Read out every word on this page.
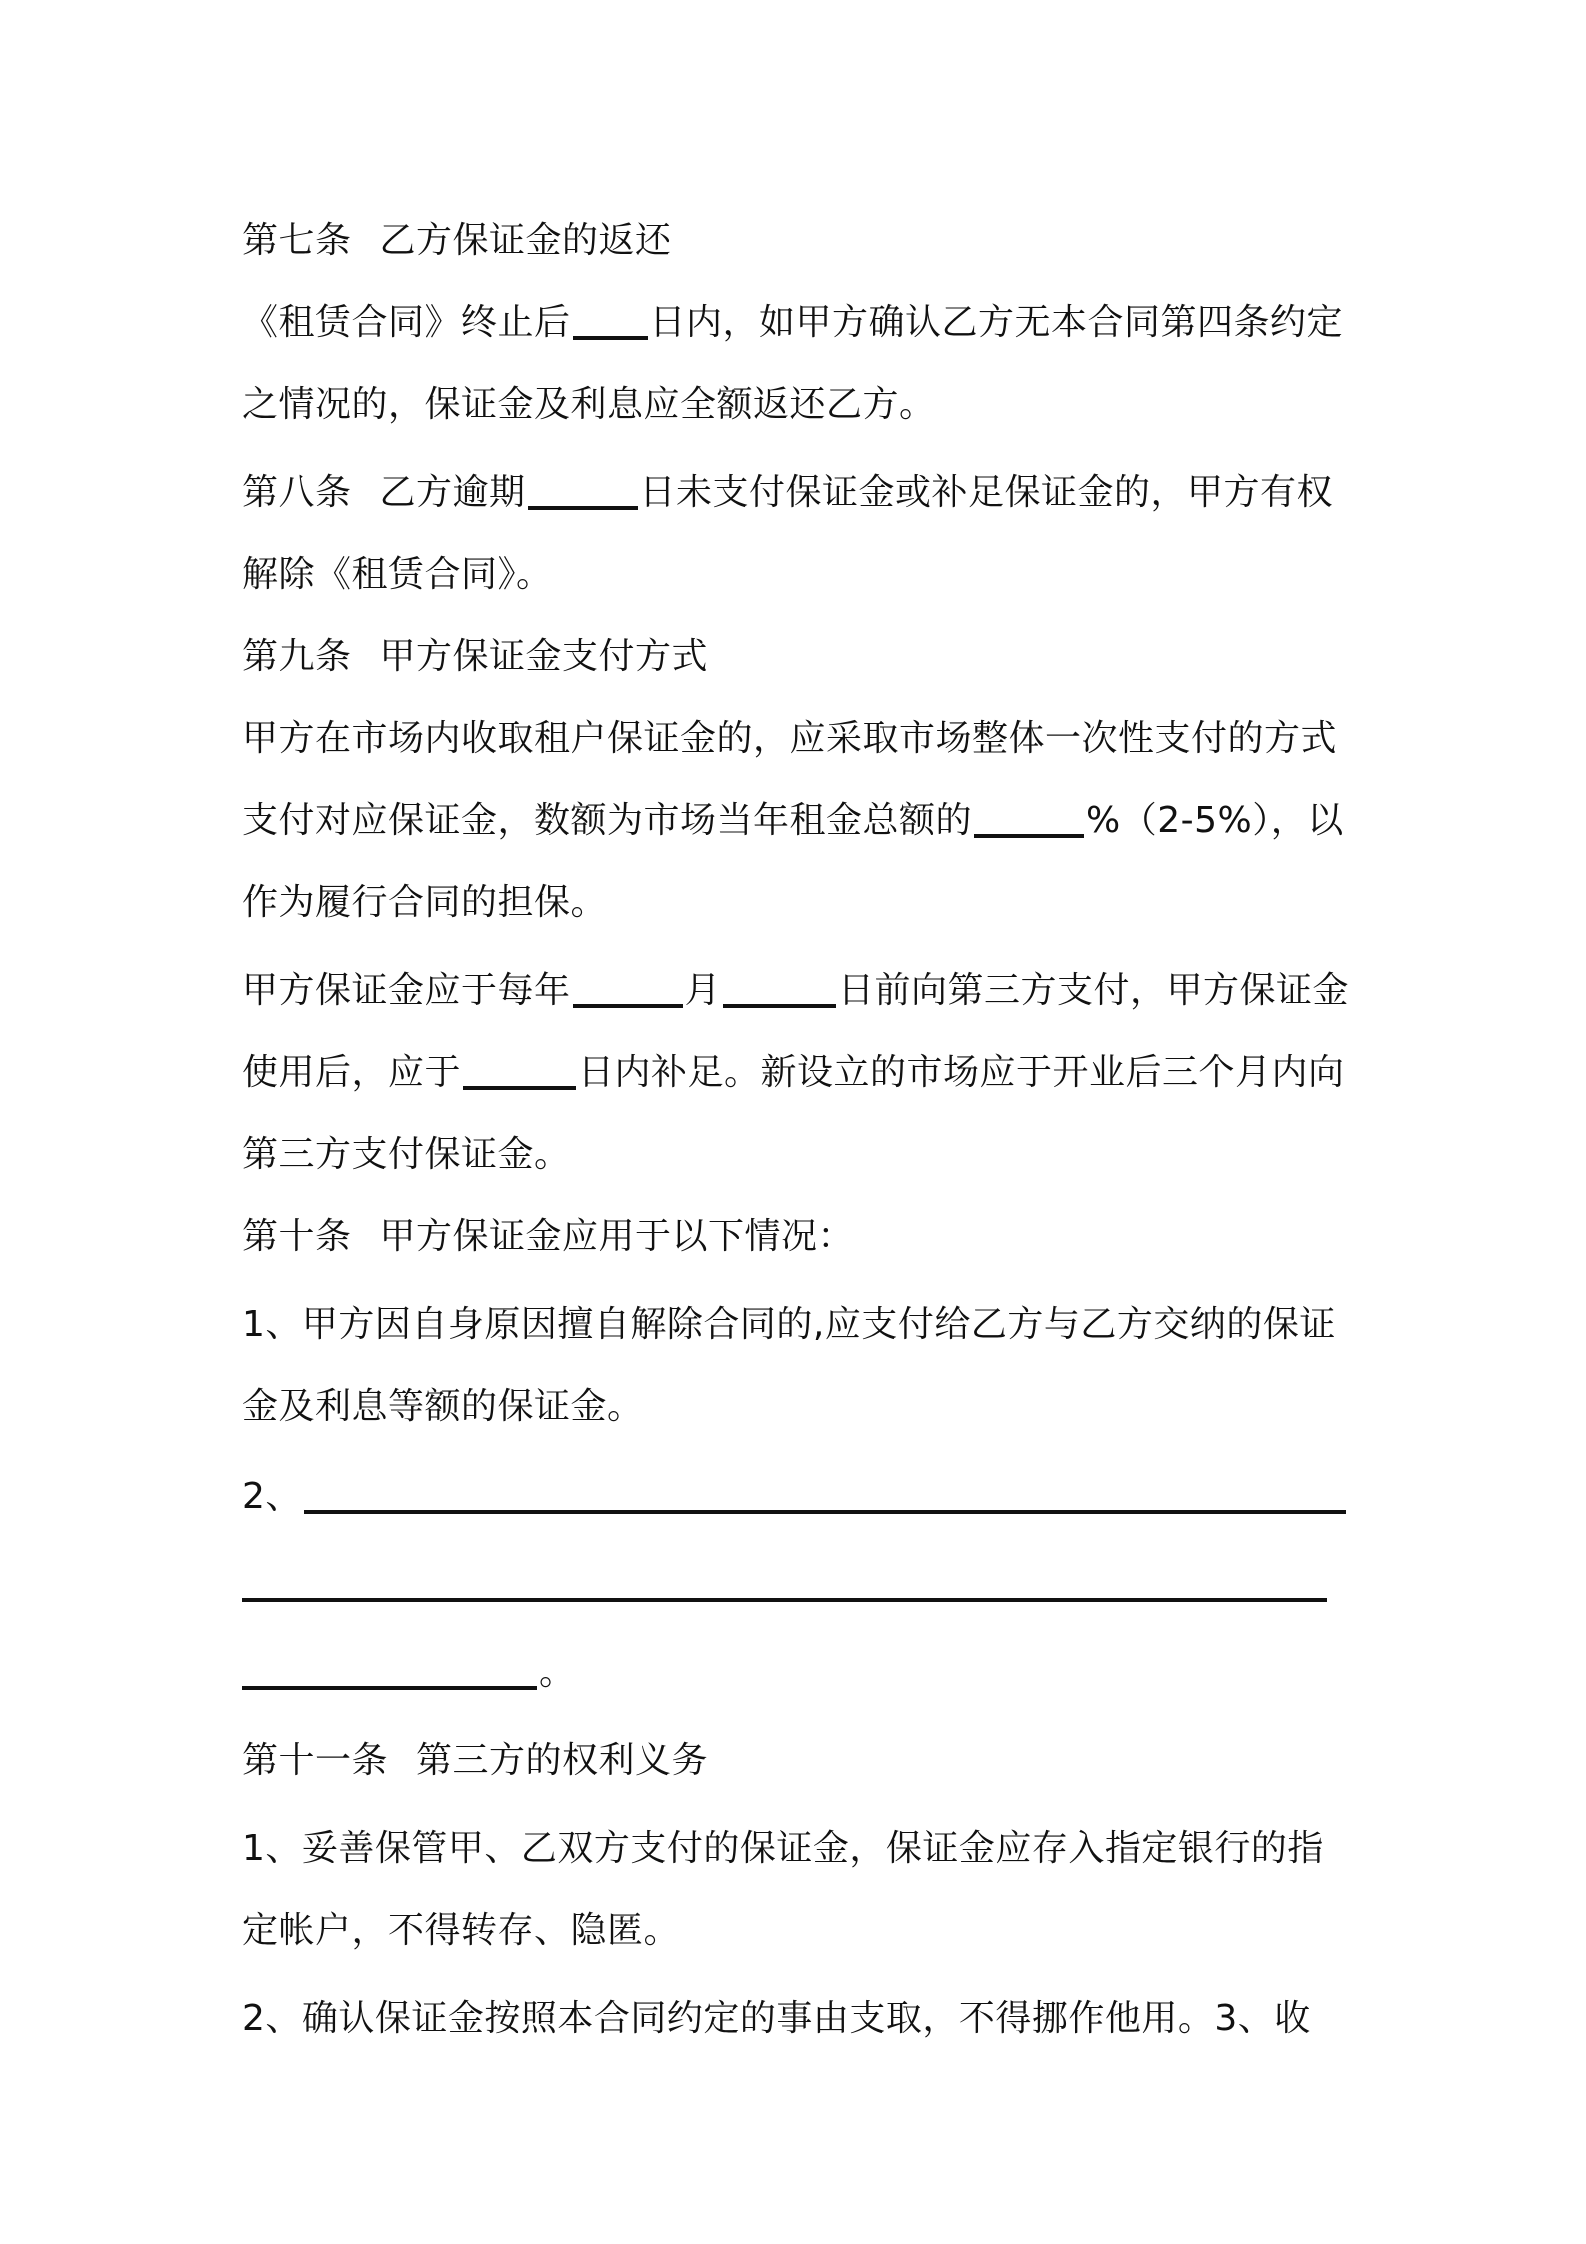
第七条 乙方保证金的返还
《租赁合同》终止后 日内，如甲方确认乙方无本合同第四条约定
之情况的，保证金及利息应全额返还乙方。
第八条 乙方逾期	日未支付保证金或补足保证金的，甲方有权
解除《租赁合同》。
第九条 甲方保证金支付方式
甲方在市场内收取租户保证金的，应采取市场整体一次性支付的方式
支付对应保证金，数额为市场当年租金总额的	%（2-5%），以
作为履行合同的担保。
甲方保证金应于每年	月	日前向第三方支付，甲方保证金
使用后，应于	日内补足。新设立的市场应于开业后三个月内向
第三方支付保证金。
第十条 甲方保证金应用于以下情况：
1、甲方因自身原因擅自解除合同的,应支付给乙方与乙方交纳的保证
金及利息等额的保证金。
2、
。
第十一条 第三方的权利义务
1、妥善保管甲、乙双方支付的保证金，保证金应存入指定银行的指
定帐户，不得转存、隐匿。
2、确认保证金按照本合同约定的事由支取，不得挪作他用。3、收
